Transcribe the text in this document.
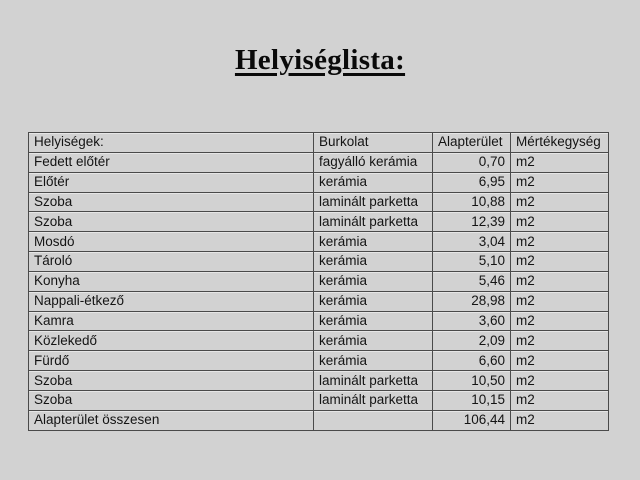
Helyiséglista:
Helyiségek:	Burkolat	Alapterület	Mértékegység
Fedett előtér	fagyálló kerámia	0,70	m2
Előtér	kerámia	6,95	m2
Szoba	laminált parketta	10,88	m2
Szoba	laminált parketta	12,39	m2
Mosdó	kerámia	3,04	m2
Tároló	kerámia	5,10	m2
Konyha	kerámia	5,46	m2
Nappali-étkező	kerámia	28,98	m2
Kamra	kerámia	3,60	m2
Közlekedő	kerámia	2,09	m2
Fürdő	kerámia	6,60	m2
Szoba	laminált parketta	10,50	m2
Szoba	laminált parketta	10,15	m2
Alapterület összesen		106,44	m2
